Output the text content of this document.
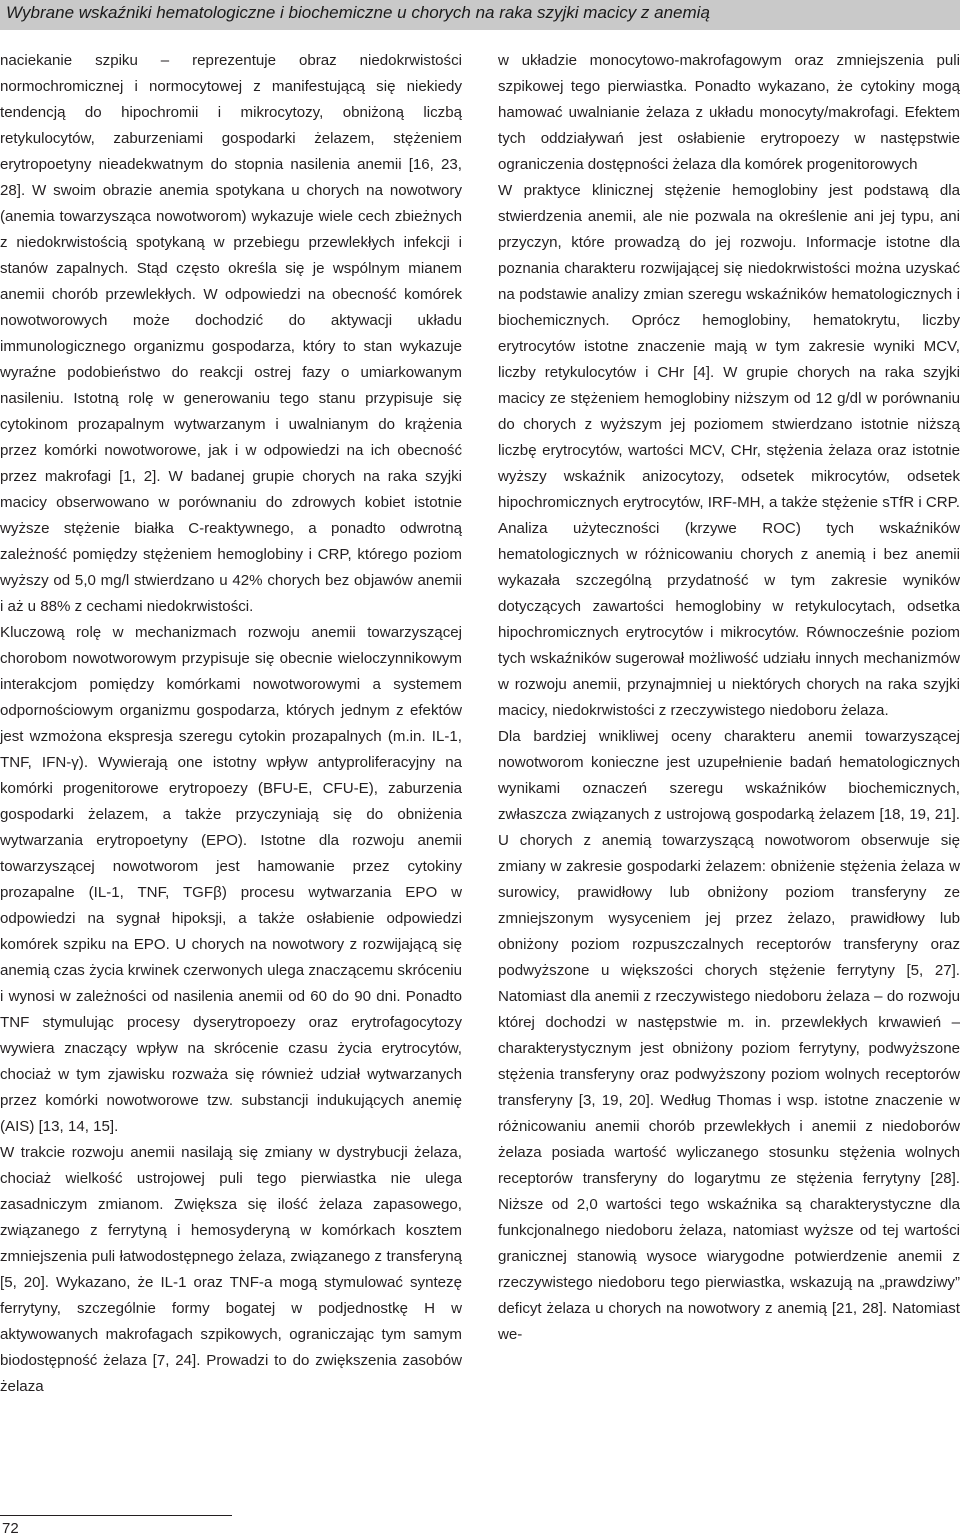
Wybrane wskaźniki hematologiczne i biochemiczne u chorych na raka szyjki macicy z anemią

naciekanie szpiku – reprezentuje obraz niedokrwistości normochromicznej i normocytowej z manifestującą się niekiedy tendencją do hipochromii i mikrocytozy, obniżoną liczbą retykulocytów, zaburzeniami gospodarki żelazem, stężeniem erytropoetyny nieadekwatnym do stopnia nasilenia anemii [16, 23, 28]. W swoim obrazie anemia spotykana u chorych na nowotwory (anemia towarzysząca nowotworom) wykazuje wiele cech zbieżnych z niedokrwistością spotykaną w przebiegu przewlekłych infekcji i stanów zapalnych. Stąd często określa się je wspólnym mianem anemii chorób przewlekłych. W odpowiedzi na obecność komórek nowotworowych może dochodzić do aktywacji układu immunologicznego organizmu gospodarza, który to stan wykazuje wyraźne podobieństwo do reakcji ostrej fazy o umiarkowanym nasileniu. Istotną rolę w generowaniu tego stanu przypisuje się cytokinom prozapalnym wytwarzanym i uwalnianym do krążenia przez komórki nowotworowe, jak i w odpowiedzi na ich obecność przez makrofagi [1, 2]. W badanej grupie chorych na raka szyjki macicy obserwowano w porównaniu do zdrowych kobiet istotnie wyższe stężenie białka C-reaktywnego, a ponadto odwrotną zależność pomiędzy stężeniem hemoglobiny i CRP, którego poziom wyższy od 5,0 mg/l stwierdzano u 42% chorych bez objawów anemii i aż u 88% z cechami niedokrwistości.

Kluczową rolę w mechanizmach rozwoju anemii towarzyszącej chorobom nowotworowym przypisuje się obecnie wieloczynnikowym interakcjom pomiędzy komórkami nowotworowymi a systemem odpornościowym organizmu gospodarza, których jednym z efektów jest wzmożona ekspresja szeregu cytokin prozapalnych (m.in. IL-1, TNF, IFN-γ). Wywierają one istotny wpływ antyproliferacyjny na komórki progenitorowe erytropoezy (BFU-E, CFU-E), zaburzenia gospodarki żelazem, a także przyczyniają się do obniżenia wytwarzania erytropoetyny (EPO). Istotne dla rozwoju anemii towarzyszącej nowotworom jest hamowanie przez cytokiny prozapalne (IL-1, TNF, TGFβ) procesu wytwarzania EPO w odpowiedzi na sygnał hipoksji, a także osłabienie odpowiedzi komórek szpiku na EPO. U chorych na nowotwory z rozwijającą się anemią czas życia krwinek czerwonych ulega znaczącemu skróceniu i wynosi w zależności od nasilenia anemii od 60 do 90 dni. Ponadto TNF stymulując procesy dyserytropoezy oraz erytrofagocytozy wywiera znaczący wpływ na skrócenie czasu życia erytrocytów, chociaż w tym zjawisku rozważa się również udział wytwarzanych przez komórki nowotworowe tzw. substancji indukujących anemię (AIS) [13, 14, 15].

W trakcie rozwoju anemii nasilają się zmiany w dystrybucji żelaza, chociaż wielkość ustrojowej puli tego pierwiastka nie ulega zasadniczym zmianom. Zwiększa się ilość żelaza zapasowego, związanego z ferrytyną i hemosyderyną w komórkach kosztem zmniejszenia puli łatwodostępnego żelaza, związanego z transferyną [5, 20]. Wykazano, że IL-1 oraz TNF-a mogą stymulować syntezę ferrytyny, szczególnie formy bogatej w podjednostkę H w aktywowanych makrofagach szpikowych, ograniczając tym samym biodostępność żelaza [7, 24]. Prowadzi to do zwiększenia zasobów żelaza

w układzie monocytowo-makrofagowym oraz zmniejszenia puli szpikowej tego pierwiastka. Ponadto wykazano, że cytokiny mogą hamować uwalnianie żelaza z układu monocyty/makrofagi. Efektem tych oddziaływań jest osłabienie erytropoezy w następstwie ograniczenia dostępności żelaza dla komórek progenitorowych

W praktyce klinicznej stężenie hemoglobiny jest podstawą dla stwierdzenia anemii, ale nie pozwala na określenie ani jej typu, ani przyczyn, które prowadzą do jej rozwoju. Informacje istotne dla poznania charakteru rozwijającej się niedokrwistości można uzyskać na podstawie analizy zmian szeregu wskaźników hematologicznych i biochemicznych. Oprócz hemoglobiny, hematokrytu, liczby erytrocytów istotne znaczenie mają w tym zakresie wyniki MCV, liczby retykulocytów i CHr [4]. W grupie chorych na raka szyjki macicy ze stężeniem hemoglobiny niższym od 12 g/dl w porównaniu do chorych z wyższym jej poziomem stwierdzano istotnie niższą liczbę erytrocytów, wartości MCV, CHr, stężenia żelaza oraz istotnie wyższy wskaźnik anizocytozy, odsetek mikrocytów, odsetek hipochromicznych erytrocytów, IRF-MH, a także stężenie sTfR i CRP. Analiza użyteczności (krzywe ROC) tych wskaźników hematologicznych w różnicowaniu chorych z anemią i bez anemii wykazała szczególną przydatność w tym zakresie wyników dotyczących zawartości hemoglobiny w retykulocytach, odsetka hipochromicznych erytrocytów i mikrocytów. Równocześnie poziom tych wskaźników sugerował możliwość udziału innych mechanizmów w rozwoju anemii, przynajmniej u niektórych chorych na raka szyjki macicy, niedokrwistości z rzeczywistego niedoboru żelaza.

Dla bardziej wnikliwej oceny charakteru anemii towarzyszącej nowotworom konieczne jest uzupełnienie badań hematologicznych wynikami oznaczeń szeregu wskaźników biochemicznych, zwłaszcza związanych z ustrojową gospodarką żelazem [18, 19, 21]. U chorych z anemią towarzyszącą nowotworom obserwuje się zmiany w zakresie gospodarki żelazem: obniżenie stężenia żelaza w surowicy, prawidłowy lub obniżony poziom transferyny ze zmniejszonym wysyceniem jej przez żelazo, prawidłowy lub obniżony poziom rozpuszczalnych receptorów transferyny oraz podwyższone u większości chorych stężenie ferrytyny [5, 27]. Natomiast dla anemii z rzeczywistego niedoboru żelaza – do rozwoju której dochodzi w następstwie m. in. przewlekłych krwawień – charakterystycznym jest obniżony poziom ferrytyny, podwyższone stężenia transferyny oraz podwyższony poziom wolnych receptorów transferyny [3, 19, 20]. Według Thomas i wsp. istotne znaczenie w różnicowaniu anemii chorób przewlekłych i anemii z niedoborów żelaza posiada wartość wyliczanego stosunku stężenia wolnych receptorów transferyny do logarytmu ze stężenia ferrytyny [28]. Niższe od 2,0 wartości tego wskaźnika są charakterystyczne dla funkcjonalnego niedoboru żelaza, natomiast wyższe od tej wartości granicznej stanowią wysoce wiarygodne potwierdzenie anemii z rzeczywistego niedoboru tego pierwiastka, wskazują na „prawdziwy” deficyt żelaza u chorych na nowotwory z anemią [21, 28]. Natomiast we-

72
